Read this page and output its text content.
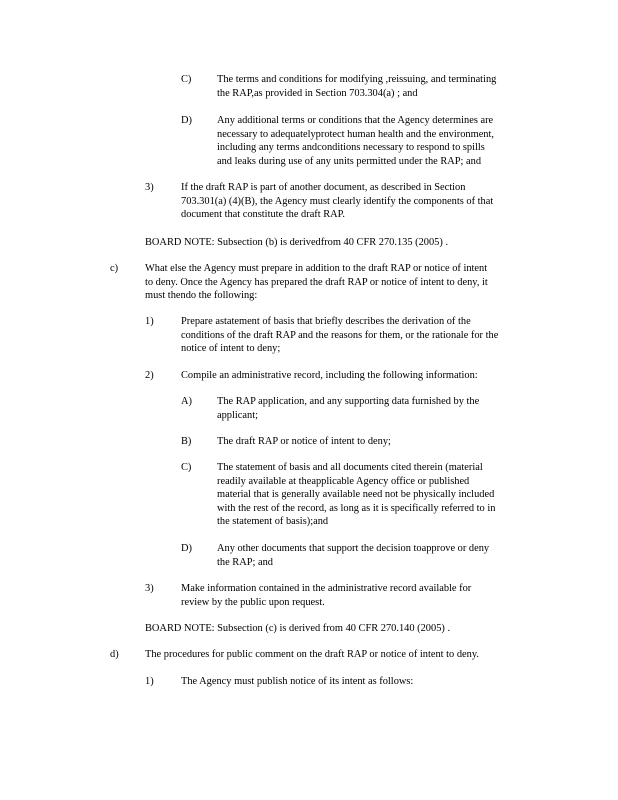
C) The terms and conditions for modifying ,reissuing, and terminating
the RAP,as provided in Section 703.304(a) ; and
D) Any additional terms or conditions that the Agency determines are
necessary to adequatelyprotect human health and the environment,
including any terms andconditions necessary to respond to spills
and leaks during use of any units permitted under the RAP; and
3)	If the draft RAP is part of another document, as described in Section
703.301(a) (4)(B), the Agency must clearly identify the components of that
document that constitute the draft RAP.
BOARD NOTE: Subsection (b) is derivedfrom 40 CFR 270.135 (2005) .
c)	What else the Agency must prepare in addition to the draft RAP or notice of intent
to deny. Once the Agency has prepared the draft RAP or notice of intent to deny, it
must thendo the following:
1)	Prepare astatement of basis that briefly describes the derivation of the
conditions of the draft RAP and the reasons for them, or the rationale for the
notice of intent to deny;
2)	Compile an administrative record, including the following information:
A) The RAP application, and any supporting data furnished by the
applicant;
B) The draft RAP or notice of intent to deny;
C) The statement of basis and all documents cited therein (material
readily available at theapplicable Agency office or published
material that is generally available need not be physically included
with the rest of the record, as long as it is specifically referred to in
the statement of basis);and
D) Any other documents that support the decision toapprove or deny
the RAP; and
3)	Make information contained in the administrative record available for
review by the public upon request.
BOARD NOTE: Subsection (c) is derived from 40 CFR 270.140 (2005) .
d)	The procedures for public comment on the draft RAP or notice of intent to deny.
1)	The Agency must publish notice of its intent as follows:
